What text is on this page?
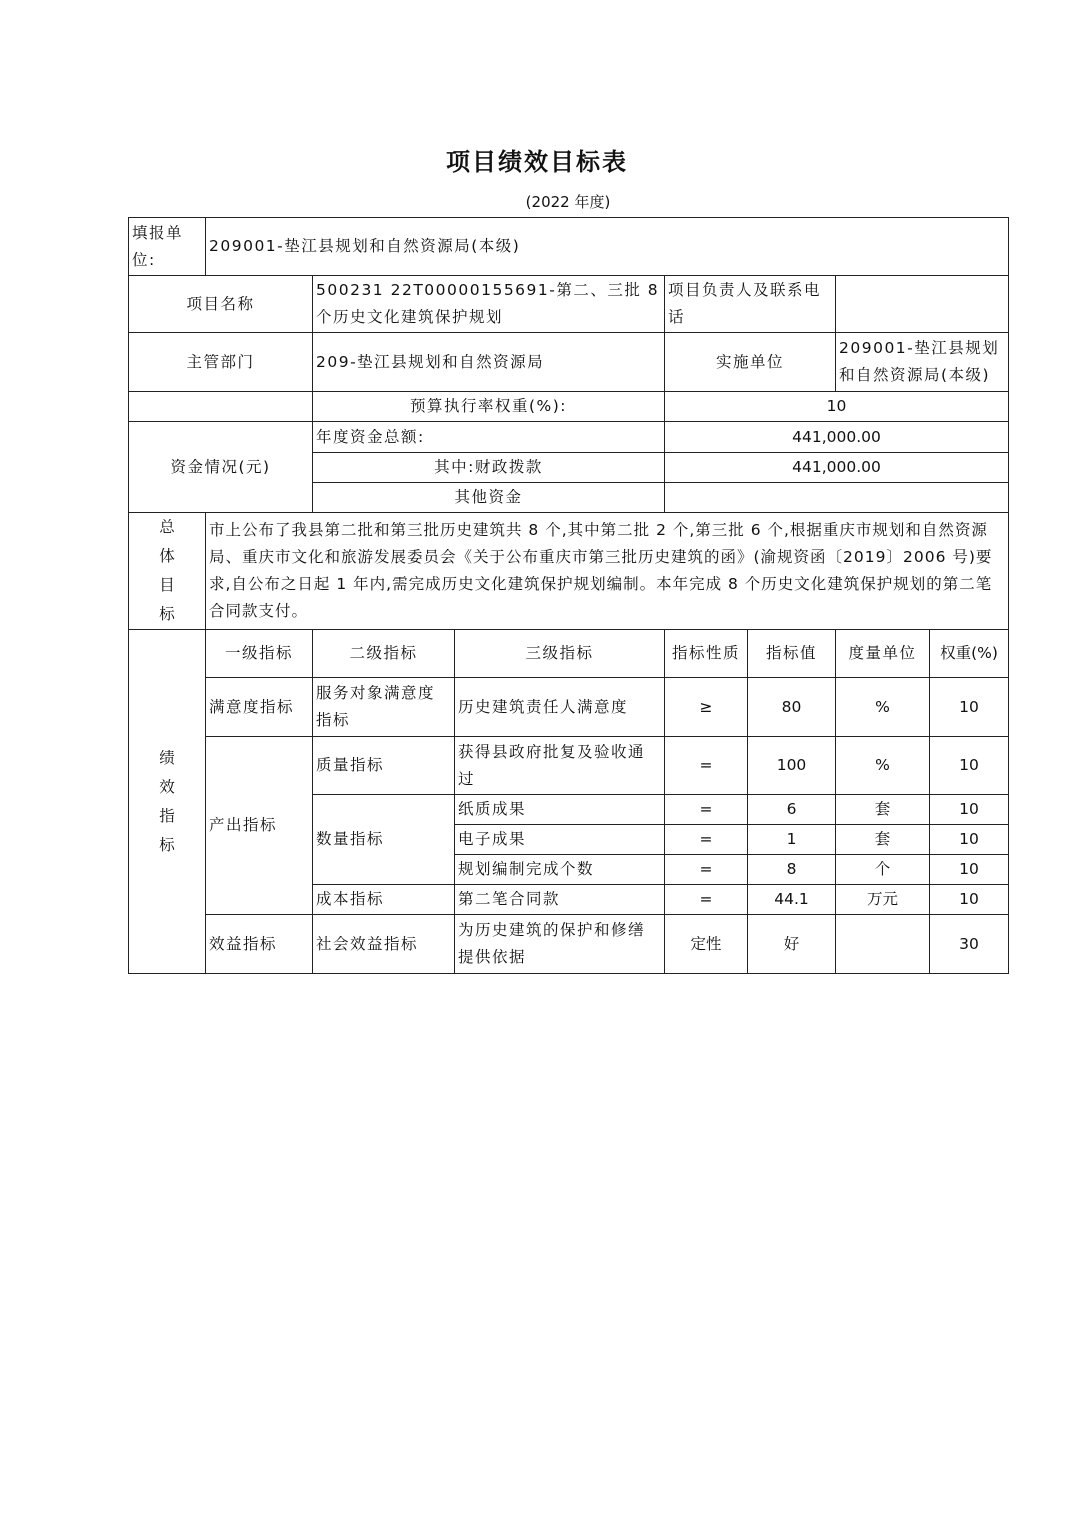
项目绩效目标表
(2022 年度)
填报单位:	209001-垫江县规划和自然资源局(本级)						
项目名称		500231 22T00000155691-第二、三批 8 个历史文化建筑保护规划		项目负责人及联系电话			
主管部门		209-垫江县规划和自然资源局		实施单位		209001-垫江县规划和自然资源局(本级)	
		预算执行率权重(%):		10			
资金情况(元)		年度资金总额:		441,000.00			
		其中:财政拨款		441,000.00			
		其他资金					
总体目标	市上公布了我县第二批和第三批历史建筑共 8 个,其中第二批 2 个,第三批 6 个,根据重庆市规划和自然资源局、重庆市文化和旅游发展委员会《关于公布重庆市第三批历史建筑的函》(渝规资函〔2019〕2006 号)要求,自公布之日起 1 年内,需完成历史文化建筑保护规划编制。本年完成 8 个历史文化建筑保护规划的第二笔合同款支付。						
绩效指标	一级指标	二级指标	三级指标	指标性质	指标值	度量单位	权重(%)
	满意度指标	服务对象满意度指标	历史建筑责任人满意度	≥	80	%	10
	产出指标	质量指标	获得县政府批复及验收通过	=	100	%	10
		数量指标	纸质成果	=	6	套	10
			电子成果	=	1	套	10
			规划编制完成个数	=	8	个	10
		成本指标	第二笔合同款	=	44.1	万元	10
	效益指标	社会效益指标	为历史建筑的保护和修缮提供依据	定性	好		30
